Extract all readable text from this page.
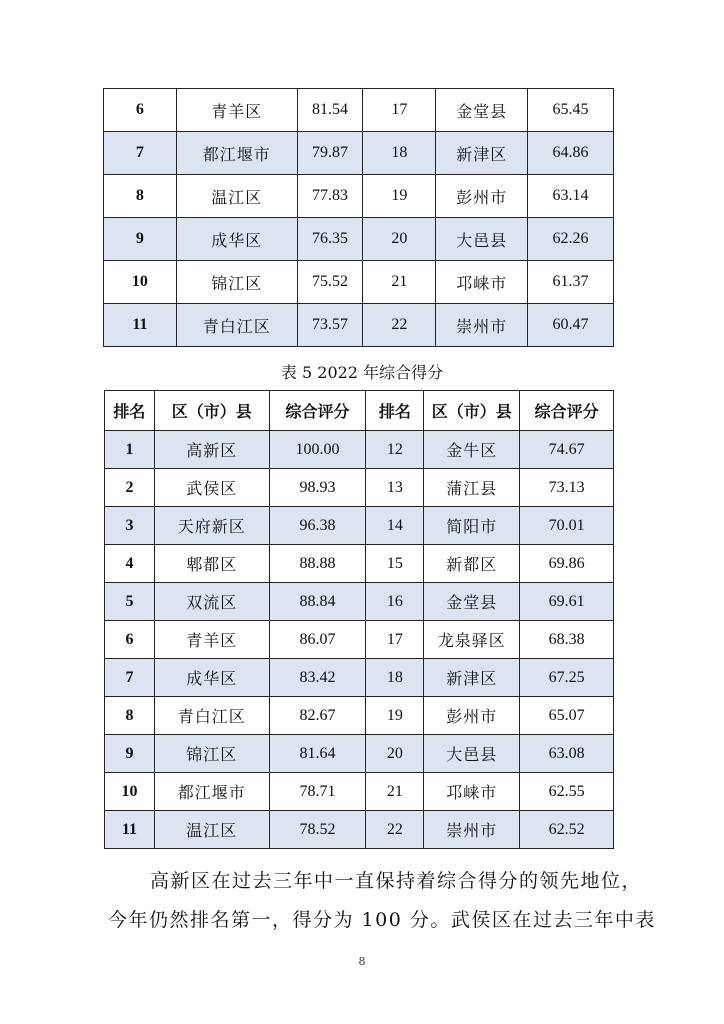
6	青羊区	81.54	17	金堂县	65.45
7	都江堰市	79.87	18	新津区	64.86
8	温江区	77.83	19	彭州市	63.14
9	成华区	76.35	20	大邑县	62.26
10	锦江区	75.52	21	邛崃市	61.37
11	青白江区	73.57	22	崇州市	60.47
表 5 2022 年综合得分
排名	区（市）县	综合评分	排名	区（市）县	综合评分
1	高新区	100.00	12	金牛区	74.67
2	武侯区	98.93	13	蒲江县	73.13
3	天府新区	96.38	14	简阳市	70.01
4	郫都区	88.88	15	新都区	69.86
5	双流区	88.84	16	金堂县	69.61
6	青羊区	86.07	17	龙泉驿区	68.38
7	成华区	83.42	18	新津区	67.25
8	青白江区	82.67	19	彭州市	65.07
9	锦江区	81.64	20	大邑县	63.08
10	都江堰市	78.71	21	邛崃市	62.55
11	温江区	78.52	22	崇州市	62.52
高新区在过去三年中一直保持着综合得分的领先地位，
今年仍然排名第一，得分为 100 分。武侯区在过去三年中表
8
